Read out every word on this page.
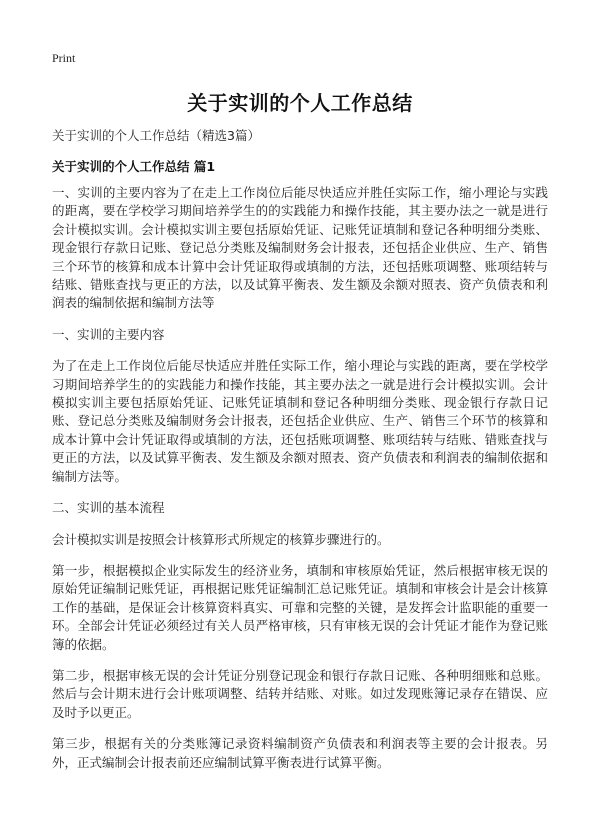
Print
关于实训的个人工作总结

关于实训的个人工作总结（精选3篇）

关于实训的个人工作总结 篇1

一、实训的主要内容为了在走上工作岗位后能尽快适应并胜任实际工作，缩小理论与实践的距离，要在学校学习期间培养学生的的实践能力和操作技能，其主要办法之一就是进行会计模拟实训。会计模拟实训主要包括原始凭证、记账凭证填制和登记各种明细分类账、现金银行存款日记账、登记总分类账及编制财务会计报表，还包括企业供应、生产、销售三个环节的核算和成本计算中会计凭证取得或填制的方法，还包括账项调整、账项结转与结账、错账查找与更正的方法，以及试算平衡表、发生额及余额对照表、资产负债表和利润表的编制依据和编制方法等

一、实训的主要内容

为了在走上工作岗位后能尽快适应并胜任实际工作，缩小理论与实践的距离，要在学校学习期间培养学生的的实践能力和操作技能，其主要办法之一就是进行会计模拟实训。会计模拟实训主要包括原始凭证、记账凭证填制和登记各种明细分类账、现金银行存款日记账、登记总分类账及编制财务会计报表，还包括企业供应、生产、销售三个环节的核算和成本计算中会计凭证取得或填制的方法，还包括账项调整、账项结转与结账、错账查找与更正的方法，以及试算平衡表、发生额及余额对照表、资产负债表和利润表的编制依据和编制方法等。

二、实训的基本流程

会计模拟实训是按照会计核算形式所规定的核算步骤进行的。

第一步，根据模拟企业实际发生的经济业务，填制和审核原始凭证，然后根据审核无误的原始凭证编制记账凭证，再根据记账凭证编制汇总记账凭证。填制和审核会计是会计核算工作的基础，是保证会计核算资料真实、可靠和完整的关键，是发挥会计监职能的重要一环。全部会计凭证必须经过有关人员严格审核，只有审核无误的会计凭证才能作为登记账簿的依据。

第二步，根据审核无误的会计凭证分别登记现金和银行存款日记账、各种明细账和总账。然后与会计期末进行会计账项调整、结转并结账、对账。如过发现账簿记录存在错误、应及时予以更正。

第三步，根据有关的分类账簿记录资料编制资产负债表和利润表等主要的会计报表。另外，正式编制会计报表前还应编制试算平衡表进行试算平衡。
